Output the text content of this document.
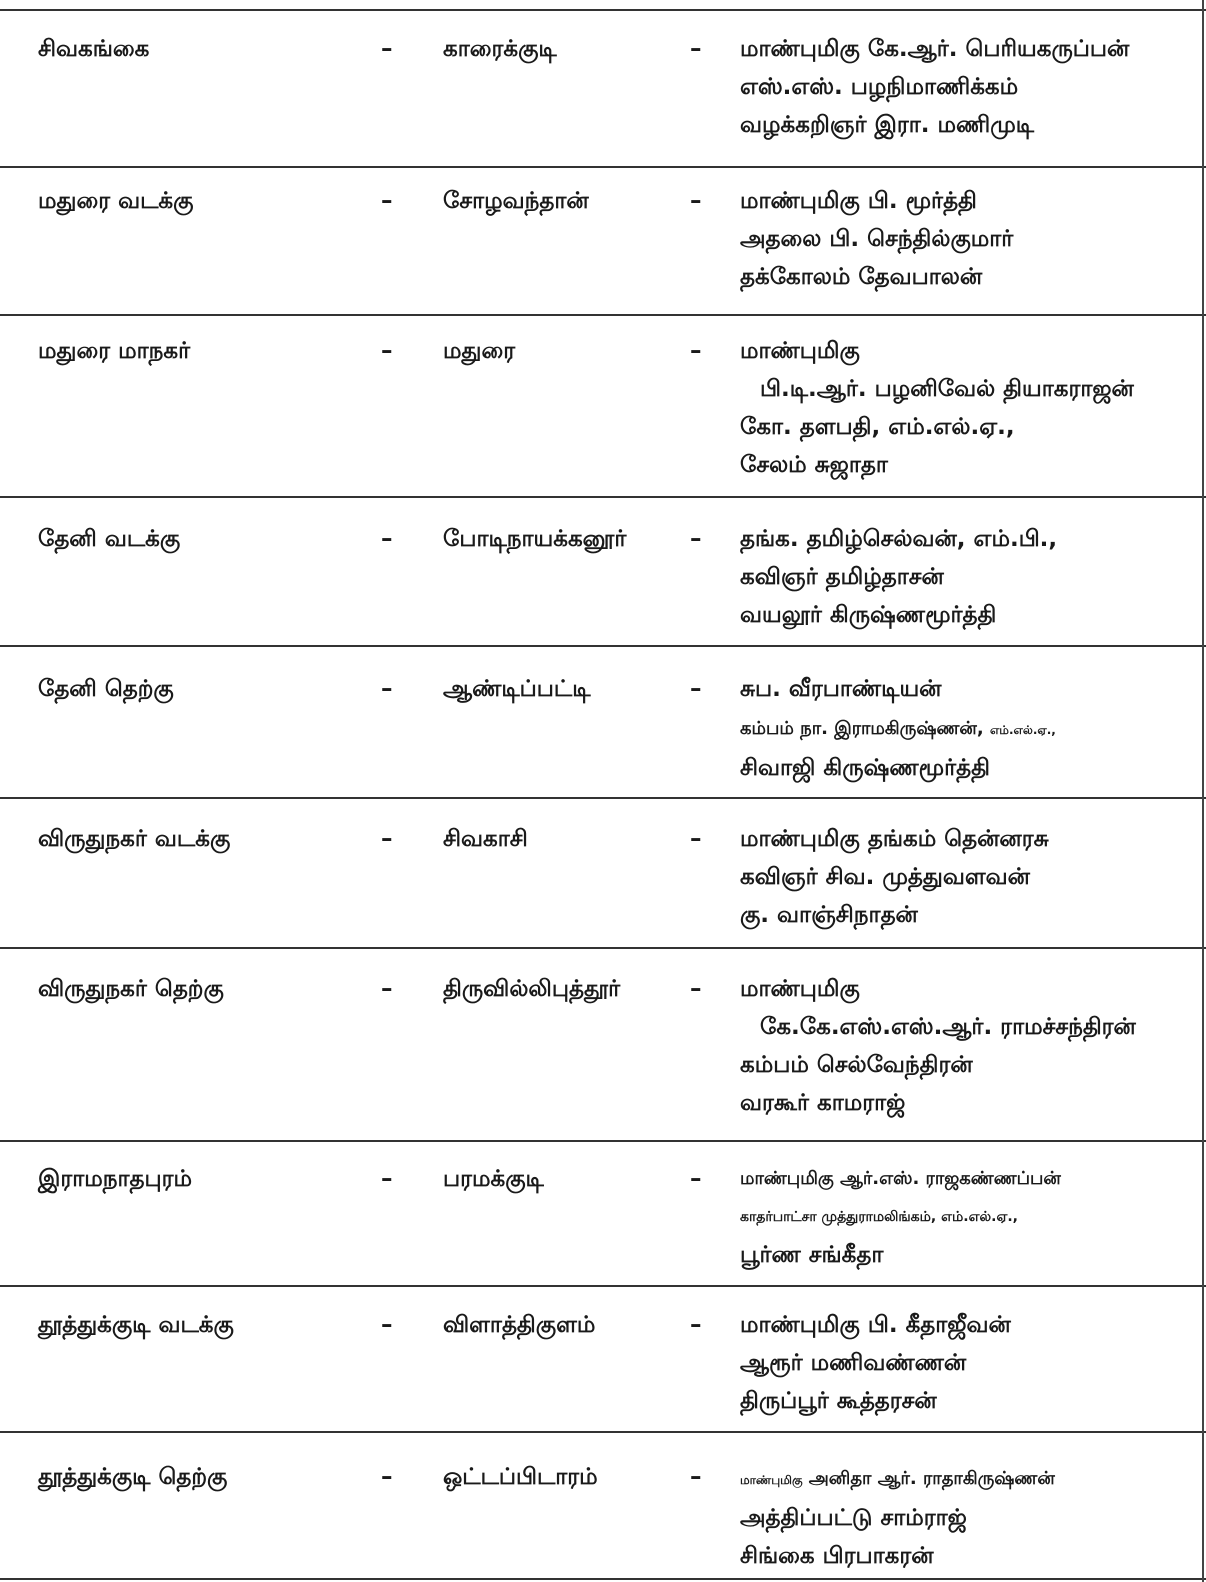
சிவகங்கை	– காரைக்குடி	– மாண்புமிகு கே.ஆர். பெரியகருப்பன்
எஸ்.எஸ். பழநிமாணிக்கம்
வழக்கறிஞர் இரா. மணிமுடி
மதுரை வடக்கு	– சோழவந்தான்	– மாண்புமிகு பி. மூர்த்தி
அதலை பி. செந்தில்குமார்
தக்கோலம் தேவபாலன்
மதுரை மாநகர்	– மதுரை	– மாண்புமிகு
பி.டி.ஆர். பழனிவேல் தியாகராஜன்
கோ. தளபதி, எம்.எல்.ஏ.,
சேலம் சுஜாதா
தேனி வடக்கு	– போடிநாயக்கனூர்	– தங்க. தமிழ்செல்வன், எம்.பி.,
கவிஞர் தமிழ்தாசன்
வயலூர் கிருஷ்ணமூர்த்தி
தேனி தெற்கு	– ஆண்டிப்பட்டி	– சுப. வீரபாண்டியன்
கம்பம் நா. இராமகிருஷ்ணன், எம்.எல்.ஏ.,
சிவாஜி கிருஷ்ணமூர்த்தி
விருதுநகர் வடக்கு	– சிவகாசி	– மாண்புமிகு தங்கம் தென்னரசு
கவிஞர் சிவ. முத்துவளவன்
கு. வாஞ்சிநாதன்
விருதுநகர் தெற்கு	– திருவில்லிபுத்தூர்	– மாண்புமிகு
கே.கே.எஸ்.எஸ்.ஆர். ராமச்சந்திரன்
கம்பம் செல்வேந்திரன்
வரகூர் காமராஜ்
இராமநாதபுரம்	– பரமக்குடி	– மாண்புமிகு ஆர்.எஸ். ராஜகண்ணப்பன்
காதர்பாட்சா முத்துராமலிங்கம், எம்.எல்.ஏ.,
பூர்ண சங்கீதா
தூத்துக்குடி வடக்கு	– விளாத்திகுளம்	– மாண்புமிகு பி. கீதாஜீவன்
ஆரூர் மணிவண்ணன்
திருப்பூர் கூத்தரசன்
தூத்துக்குடி தெற்கு	– ஒட்டப்பிடாரம்	–	மாண்புமிகு அனிதா ஆர். ராதாகிருஷ்ணன்
அத்திப்பட்டு சாம்ராஜ்
சிங்கை பிரபாகரன்
